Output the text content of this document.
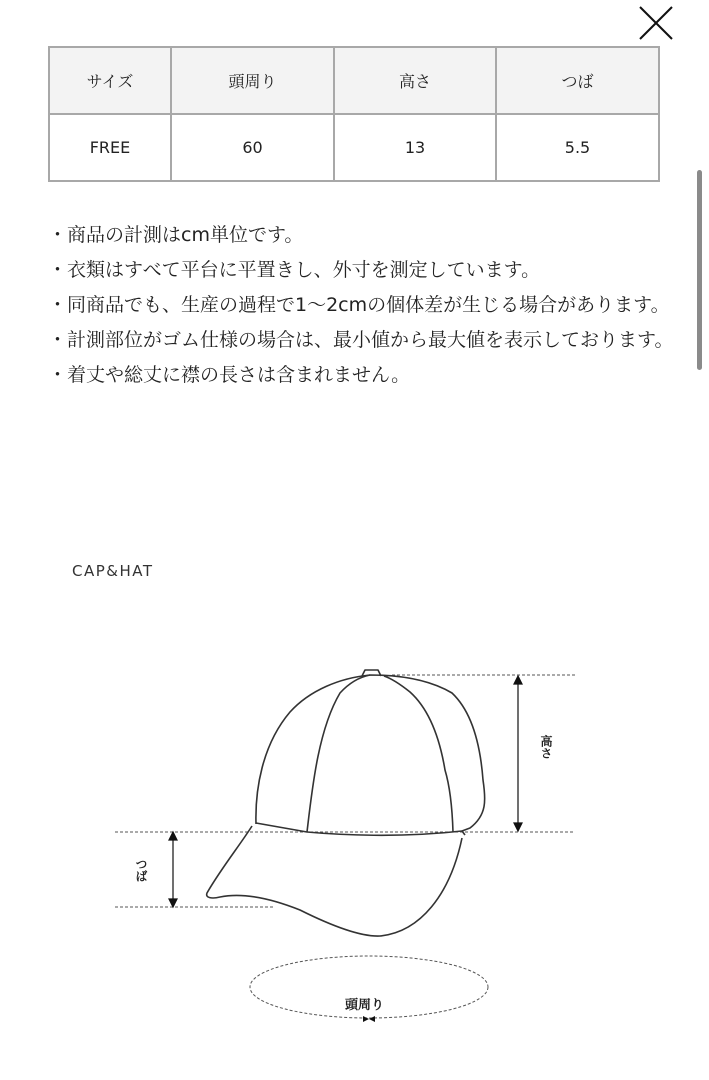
サイズ	頭周り	高さ	つば
FREE	60	13	5.5
・商品の計測はcm単位です。
・衣類はすべて平台に平置きし、外寸を測定しています。
・同商品でも、生産の過程で1〜2cmの個体差が生じる場合があります。
・計測部位がゴム仕様の場合は、最小値から最大値を表示しております。
・着丈や総丈に襟の長さは含まれません。
CAP&HAT
高さ
つば
頭周り
